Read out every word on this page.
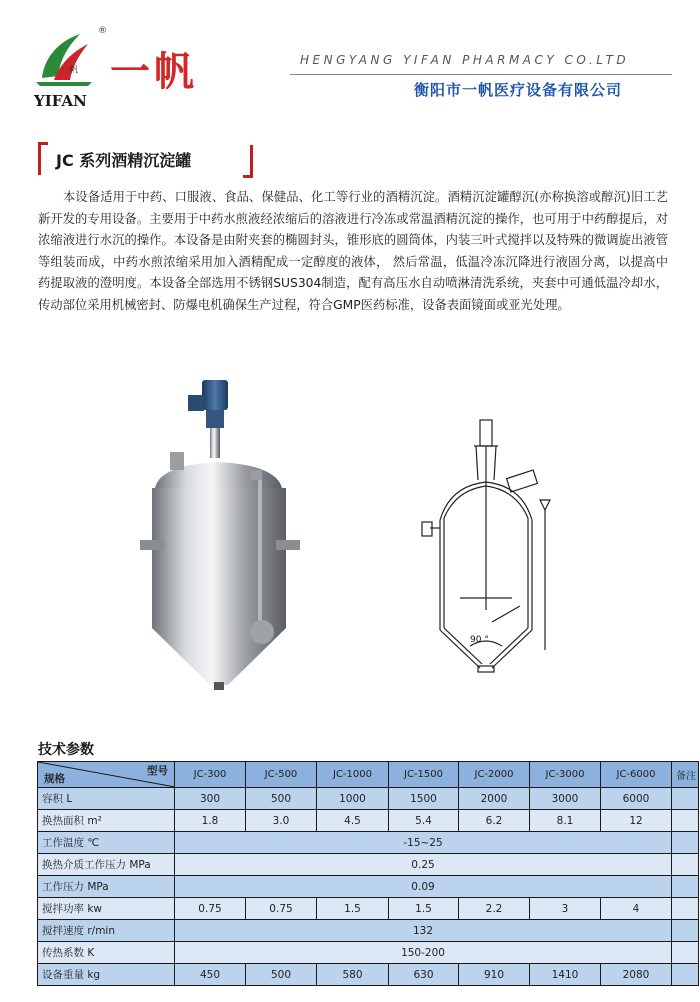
®
一帆
YIFAN
一帆	HENGYANG YIFAN PHARMACY CO.LTD
衡阳市一帆医疗设备有限公司
JC 系列酒精沉淀罐
本设备适用于中药、口服液、食品、保健品、化工等行业的酒精沉淀。酒精沉淀罐醇沉(亦称换溶或醇沉)旧工艺新开发的专用设备。主要用于中药水煎液经浓缩后的溶液进行冷冻或常温酒精沉淀的操作，也可用于中药醇提后，对浓缩液进行水沉的操作。本设备是由附夹套的椭圆封头，锥形底的圆筒体，内装三叶式搅拌以及特殊的微调旋出液管等组装而成，中药水煎浓缩采用加入酒精配成一定醇度的液体， 然后常温，低温冷冻沉降进行液固分离，以提高中药提取液的澄明度。本设备全部选用不锈钢SUS304制造，配有高压水自动喷淋清洗系统，夹套中可通低温冷却水，传动部位采用机械密封、防爆电机确保生产过程，符合GMP医药标准，设备表面镜面或亚光处理。
90 °
技术参数
型号
规格	JC-300	JC-500	JC-1000	JC-1500	JC-2000	JC-3000	JC-6000	备注
容积 L	300	500	1000	1500	2000	3000	6000	
换热面积 m²	1.8	3.0	4.5	5.4	6.2	8.1	12	
工作温度 ℃	-15~25							
换热介质工作压力 MPa	0.25							
工作压力 MPa	0.09							
搅拌功率 kw	0.75	0.75	1.5	1.5	2.2	3	4	
搅拌速度 r/min	132							
传热系数 K	150-200							
设备重量 kg	450	500	580	630	910	1410	2080	
